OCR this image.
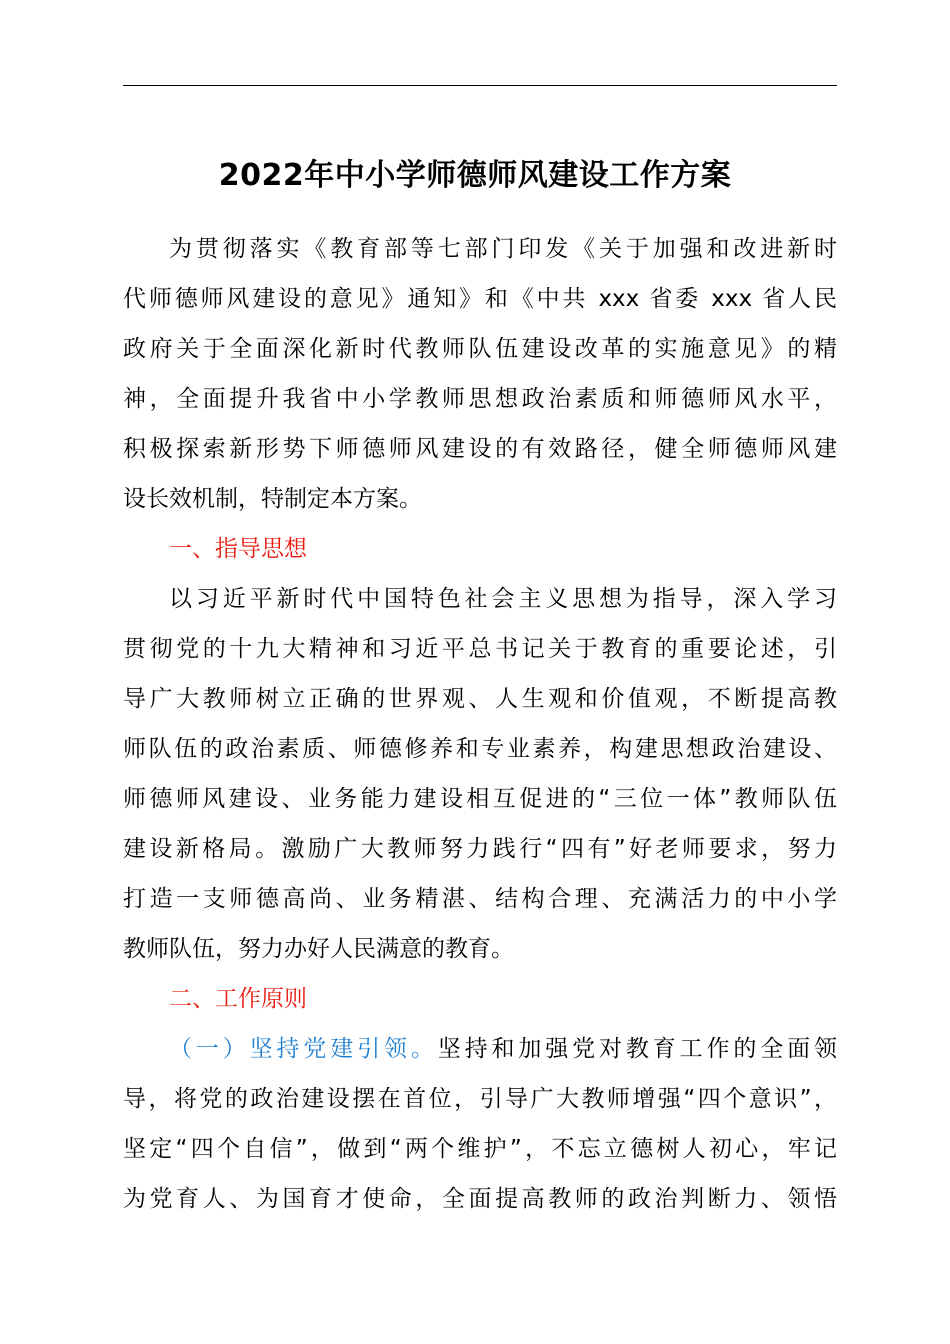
2022年中小学师德师风建设工作方案
为贯彻落实《教育部等七部门印发《关于加强和改进新时
代师德师风建设的意见》通知》和《中共 xxx 省委 xxx 省人民
政府关于全面深化新时代教师队伍建设改革的实施意见》的精
神，全面提升我省中小学教师思想政治素质和师德师风水平，
积极探索新形势下师德师风建设的有效路径，健全师德师风建
设长效机制，特制定本方案。
一、指导思想
以习近平新时代中国特色社会主义思想为指导，深入学习
贯彻党的十九大精神和习近平总书记关于教育的重要论述，引
导广大教师树立正确的世界观、人生观和价值观，不断提高教
师队伍的政治素质、师德修养和专业素养，构建思想政治建设、
师德师风建设、业务能力建设相互促进的“三位一体”教师队伍
建设新格局。激励广大教师努力践行“四有”好老师要求，努力
打造一支师德高尚、业务精湛、结构合理、充满活力的中小学
教师队伍，努力办好人民满意的教育。
二、工作原则
（一）坚持党建引领。坚持和加强党对教育工作的全面领
导，将党的政治建设摆在首位，引导广大教师增强“四个意识”，
坚定“四个自信”，做到“两个维护”，不忘立德树人初心，牢记
为党育人、为国育才使命，全面提高教师的政治判断力、领悟
